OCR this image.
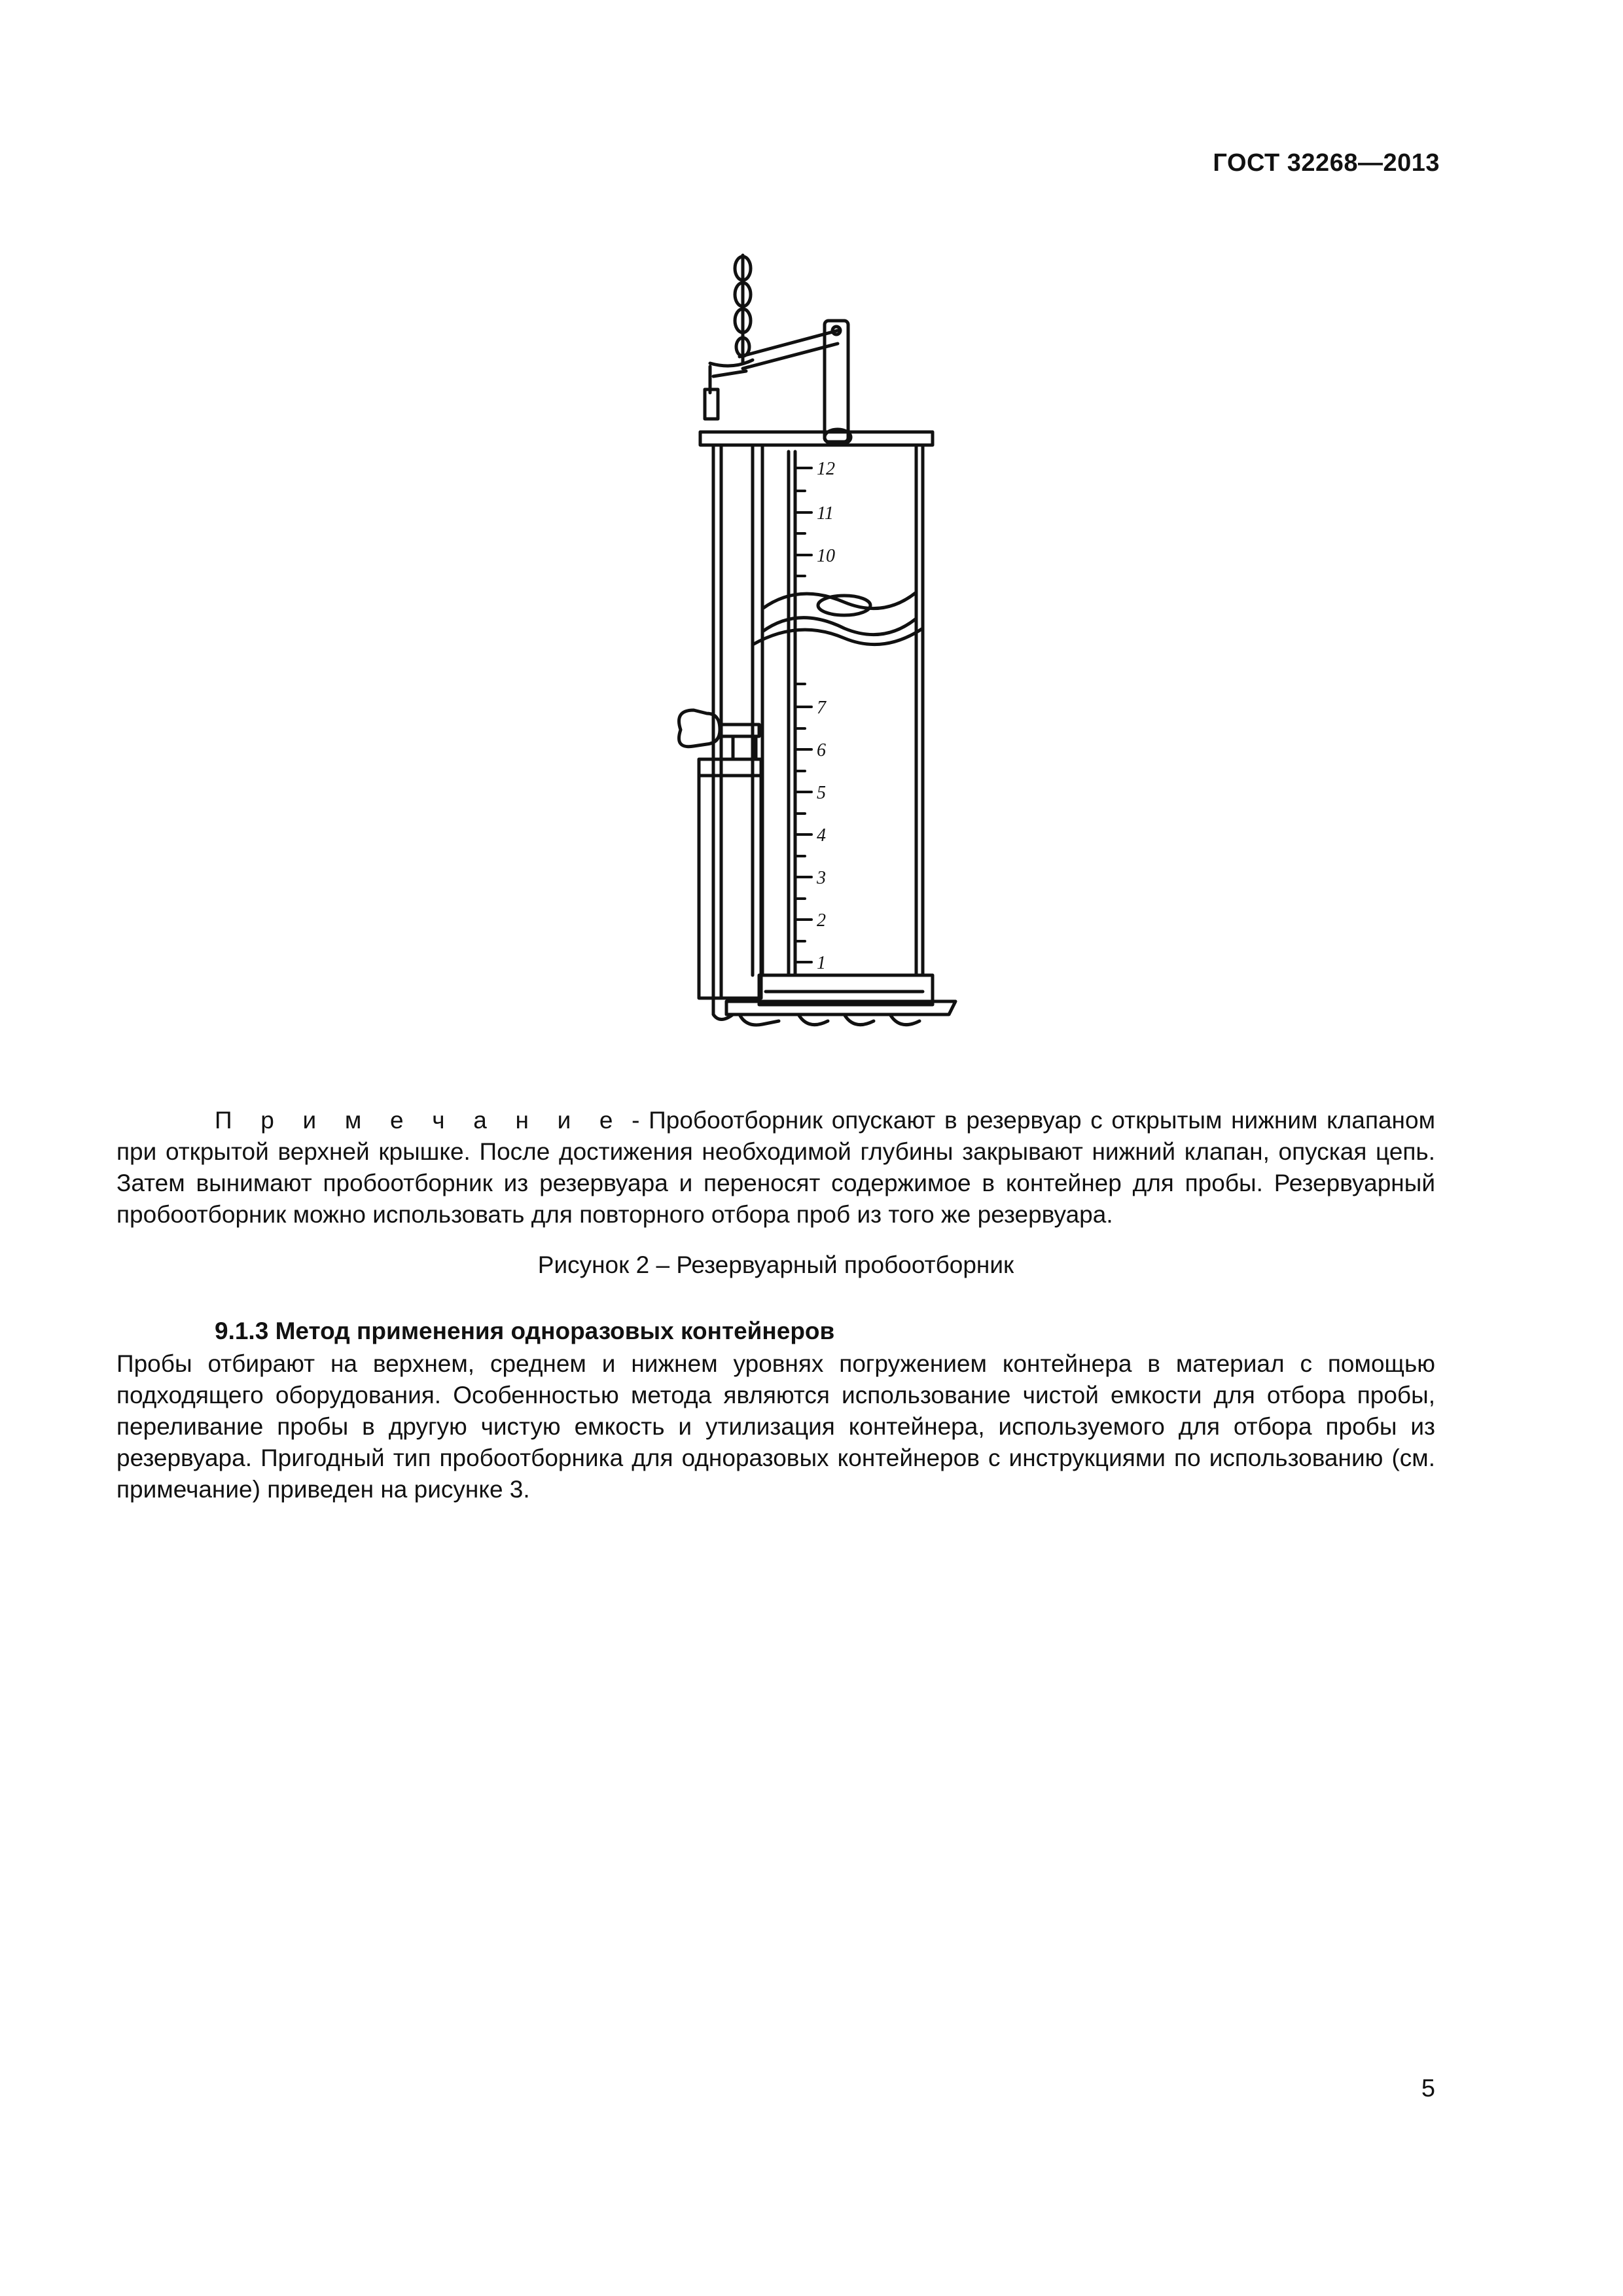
ГОСТ 32268—2013
12
11
10
7
6
5
4
3
2
1
П р и м е ч а н и е - Пробоотборник опускают в резервуар с открытым нижним клапаном при открытой верхней крышке. После достижения необходимой глубины закрывают нижний клапан, опуская цепь. Затем вынимают пробоотборник из резервуара и переносят содержимое в контейнер для пробы. Резервуарный пробоотборник можно использовать для повторного отбора проб из того же резервуара.
Рисунок 2 – Резервуарный пробоотборник
9.1.3 Метод применения одноразовых контейнеров
Пробы отбирают на верхнем, среднем и нижнем уровнях погружением контейнера в материал с помощью подходящего оборудования. Особенностью метода являются использование чистой емкости для отбора пробы, переливание пробы в другую чистую емкость и утилизация контейнера, используемого для отбора пробы из резервуара. Пригодный тип пробоотборника для одноразовых контейнеров с инструкциями по использованию (см. примечание) приведен на рисунке 3.
5
